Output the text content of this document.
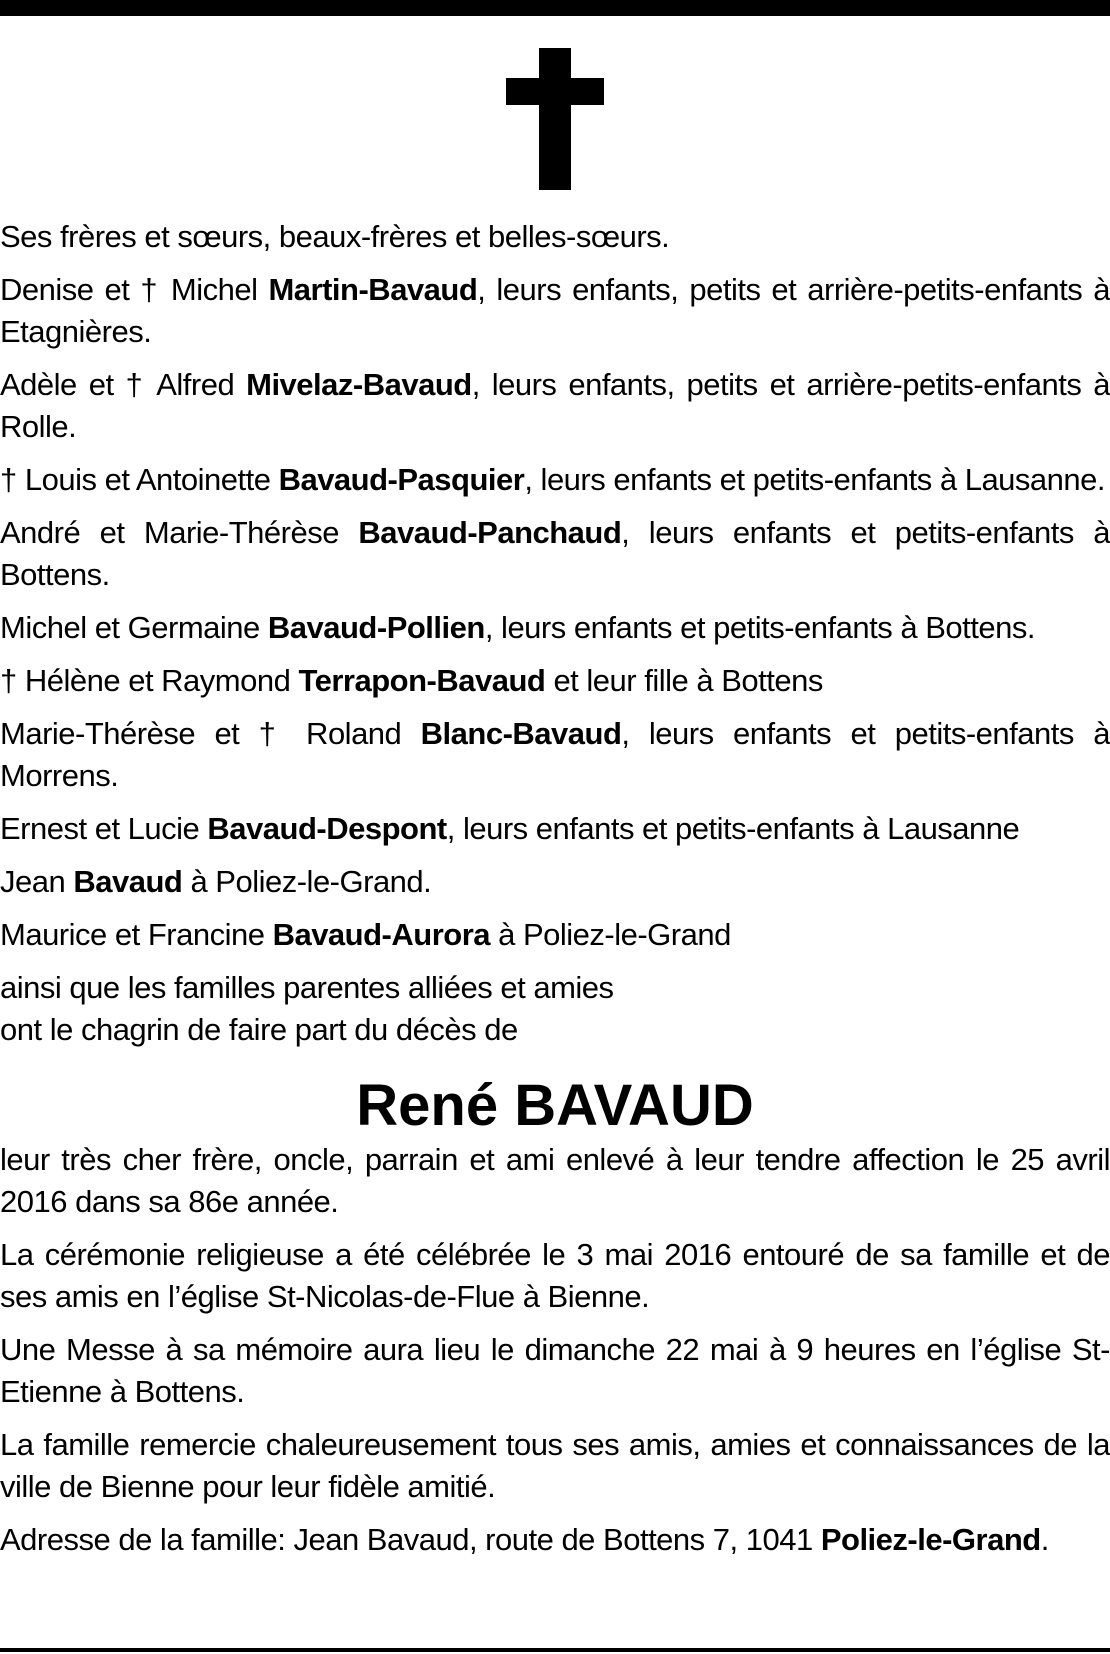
Ses frères et sœurs, beaux-frères et belles-sœurs.

Denise et † Michel Martin-Bavaud, leurs enfants, petits et arrière-petits-enfants à Etagnières.

Adèle et † Alfred Mivelaz-Bavaud, leurs enfants, petits et arrière-petits-enfants à Rolle.

† Louis et Antoinette Bavaud-Pasquier, leurs enfants et petits-enfants à Lausanne.

André et Marie-Thérèse Bavaud-Panchaud, leurs enfants et petits-enfants à Bottens.

Michel et Germaine Bavaud-Pollien, leurs enfants et petits-enfants à Bottens.

† Hélène et Raymond Terrapon-Bavaud et leur fille à Bottens

Marie-Thérèse et † Roland Blanc-Bavaud, leurs enfants et petits-enfants à Morrens.

Ernest et Lucie Bavaud-Despont, leurs enfants et petits-enfants à Lausanne

Jean Bavaud à Poliez-le-Grand.

Maurice et Francine Bavaud-Aurora à Poliez-le-Grand

ainsi que les familles parentes alliées et amies
ont le chagrin de faire part du décès de

René BAVAUD

leur très cher frère, oncle, parrain et ami enlevé à leur tendre affection le 25 avril 2016 dans sa 86e année.

La cérémonie religieuse a été célébrée le 3 mai 2016 entouré de sa famille et de ses amis en l’église St-Nicolas-de-Flue à Bienne.

Une Messe à sa mémoire aura lieu le dimanche 22 mai à 9 heures en l’église St-Etienne à Bottens.

La famille remercie chaleureusement tous ses amis, amies et connaissances de la ville de Bienne pour leur fidèle amitié.

Adresse de la famille: Jean Bavaud, route de Bottens 7, 1041 Poliez-le-Grand.
